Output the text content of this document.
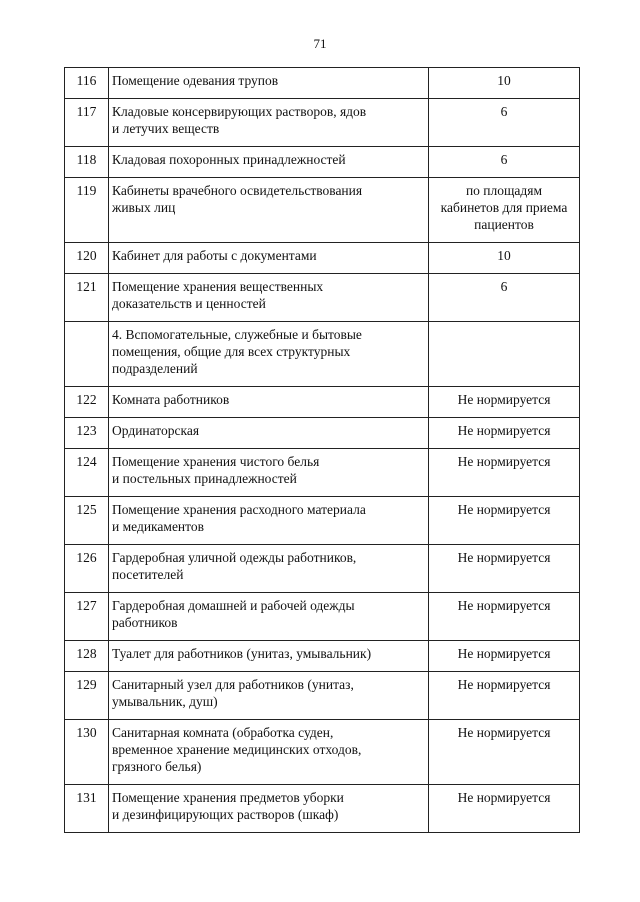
71
116	Помещение одевания трупов	10
117	Кладовые консервирующих растворов, ядов
и летучих веществ	6
118	Кладовая похоронных принадлежностей	6
119	Кабинеты врачебного освидетельствования
живых лиц	по площадям
кабинетов для приема
пациентов
120	Кабинет для работы с документами	10
121	Помещение хранения вещественных
доказательств и ценностей	6
	4. Вспомогательные, служебные и бытовые
помещения, общие для всех структурных
подразделений	
122	Комната работников	Не нормируется
123	Ординаторская	Не нормируется
124	Помещение хранения чистого белья
и постельных принадлежностей	Не нормируется
125	Помещение хранения расходного материала
и медикаментов	Не нормируется
126	Гардеробная уличной одежды работников,
посетителей	Не нормируется
127	Гардеробная домашней и рабочей одежды
работников	Не нормируется
128	Туалет для работников (унитаз, умывальник)	Не нормируется
129	Санитарный узел для работников (унитаз,
умывальник, душ)	Не нормируется
130	Санитарная комната (обработка суден,
временное хранение медицинских отходов,
грязного белья)	Не нормируется
131	Помещение хранения предметов уборки
и дезинфицирующих растворов (шкаф)	Не нормируется
